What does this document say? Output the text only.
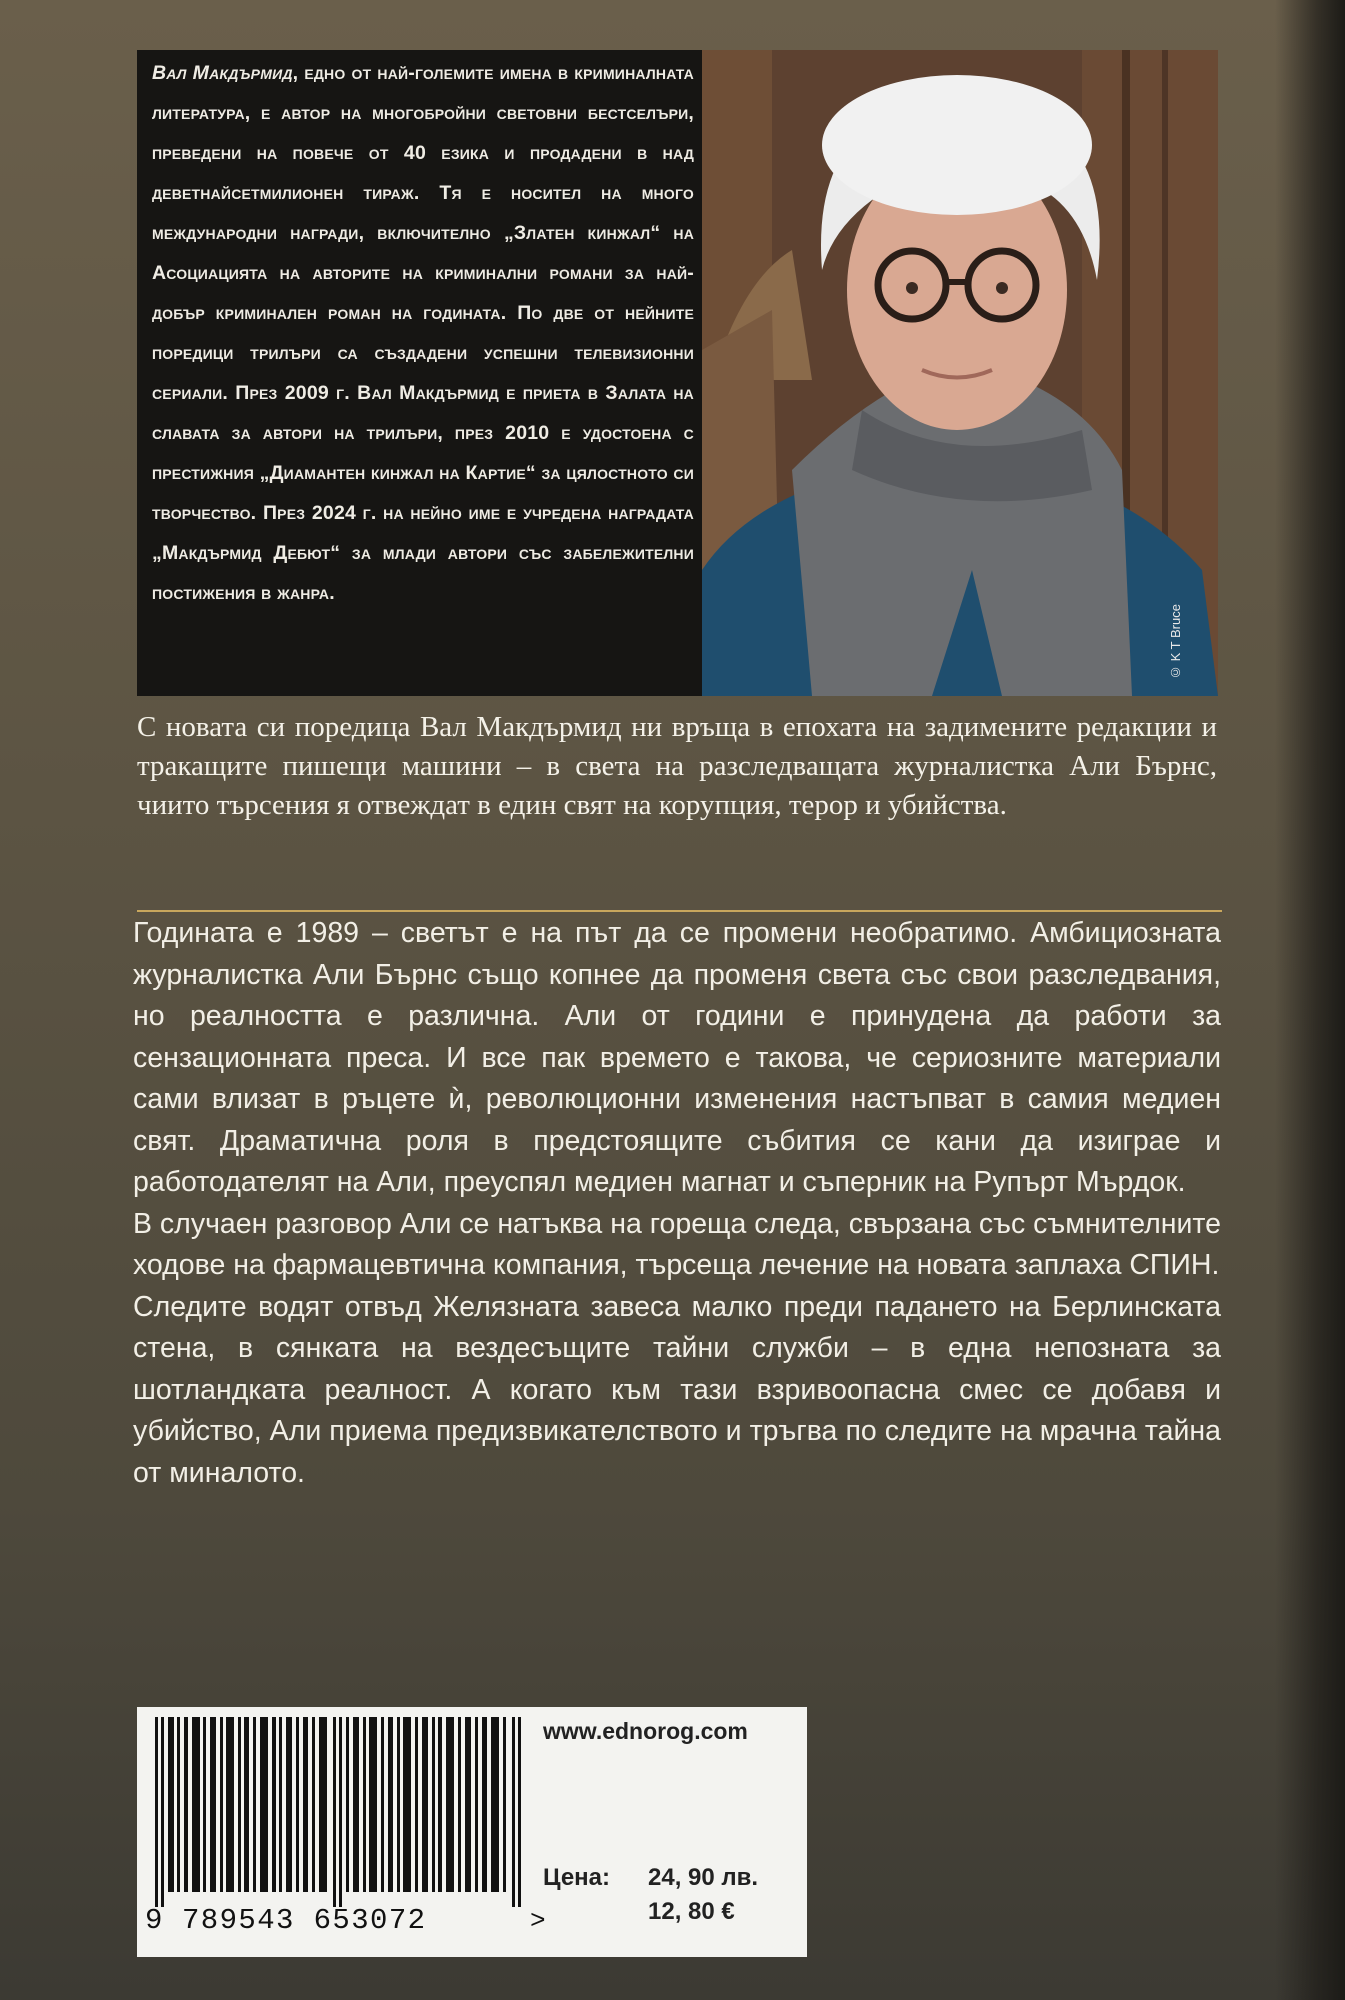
Вал Макдърмид, едно от най-големите имена в криминалната литература, е автор на многобройни световни бестселъри, преведени на повече от 40 езика и продадени в над деветнайсетмилионен тираж. Тя е носител на много международни награди, включително „Златен кинжал“ на Асоциацията на авторите на криминални романи за най-добър криминален роман на годината. По две от нейните поредици трилъри са създадени успешни телевизионни сериали. През 2009 г. Вал Макдърмид е приета в Залата на славата за автори на трилъри, през 2010 е удостоена с престижния „Диамантен кинжал на Картие“ за цялостното си творчество. През 2024 г. на нейно име е учредена наградата „Макдърмид Дебют“ за млади автори със забележителни постижения в жанра.

© K T Bruce

С новата си поредица Вал Макдърмид ни връща в епохата на задимените редакции и тракащите пишещи машини – в света на разследващата журналистка Али Бърнс, чиито търсения я отвеждат в един свят на корупция, терор и убийства.

Годината е 1989 – светът е на път да се промени необратимо. Амбициозната журналистка Али Бърнс също копнее да променя света със свои разследвания, но реалността е различна. Али от години е принудена да работи за сензационната преса. И все пак времето е такова, че сериозните материали сами влизат в ръцете ѝ, революционни изменения настъпват в самия медиен свят. Драматична роля в предстоящите събития се кани да изиграе и работодателят на Али, преуспял медиен магнат и съперник на Рупърт Мърдок.

В случаен разговор Али се натъква на гореща следа, свързана със съмнителните ходове на фармацевтична компания, търсеща лечение на новата заплаха СПИН.

Следите водят отвъд Желязната завеса малко преди падането на Берлинската стена, в сянката на вездесъщите тайни служби – в една непозната за шотландката реалност. А когато към тази взривоопасна смес се добавя и убийство, Али приема предизвикателството и тръгва по следите на мрачна тайна от миналото.

9 789543 653072	>
www.ednorog.com
Цена: 24, 90 лв.
12, 80 €
